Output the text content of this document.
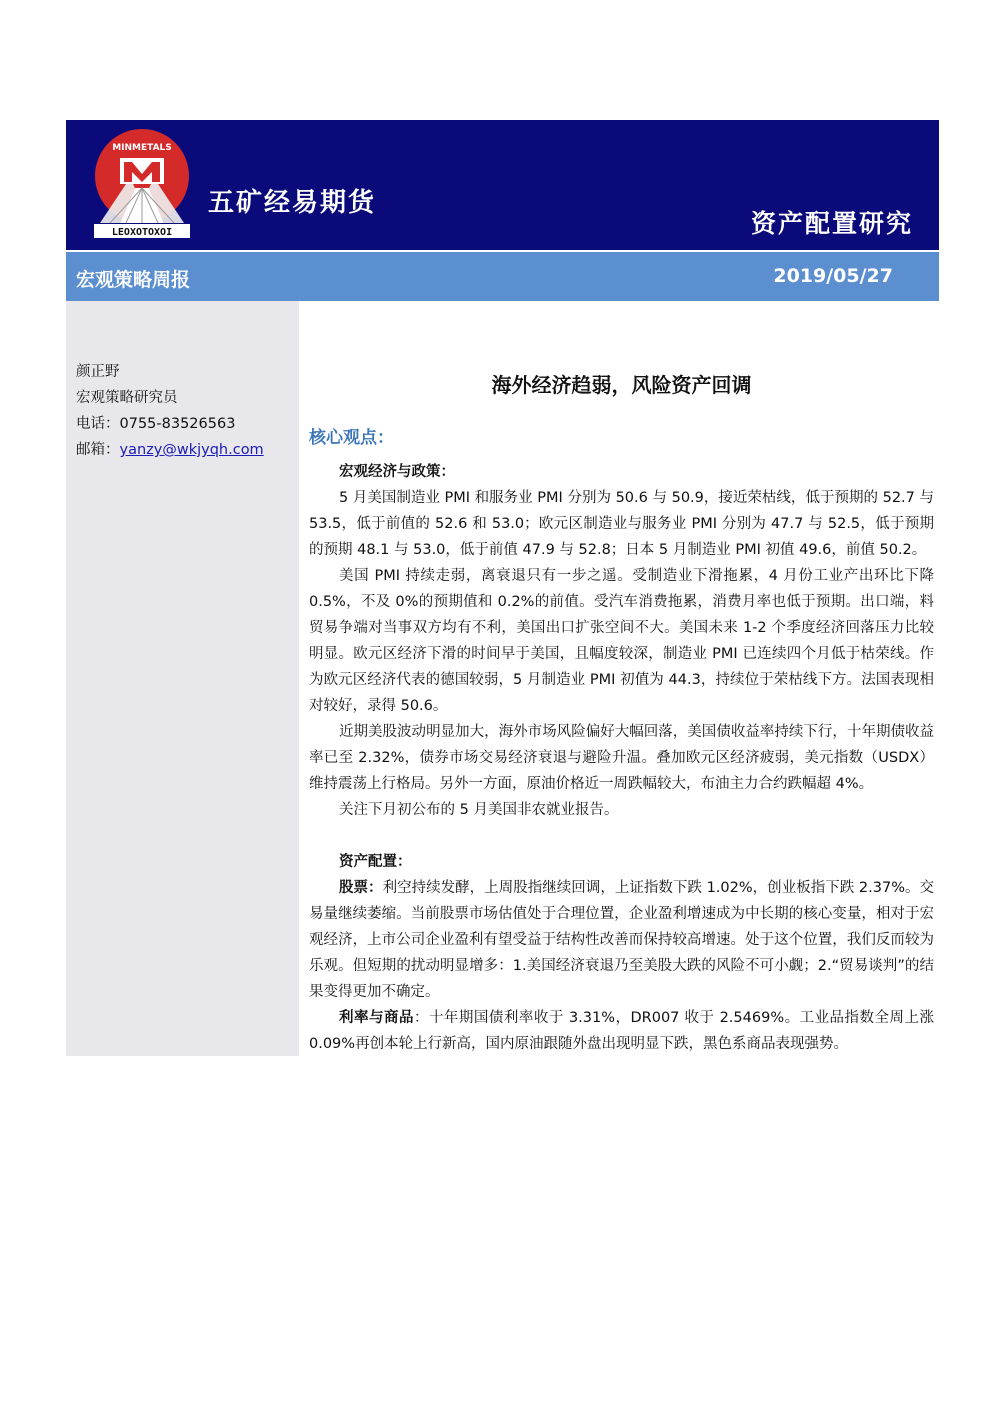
MINMETALS
LEOXOTOXOI
五矿经易期货
资产配置研究
宏观策略周报	2019/05/27
颜正野
宏观策略研究员
电话：0755-83526563
邮箱：yanzy@wkjyqh.com
海外经济趋弱，风险资产回调
核心观点：

宏观经济与政策：

5 月美国制造业 PMI 和服务业 PMI 分别为 50.6 与 50.9，接近荣枯线，低于预期的 52.7 与 53.5，低于前值的 52.6 和 53.0；欧元区制造业与服务业 PMI 分别为 47.7 与 52.5，低于预期的预期 48.1 与 53.0，低于前值 47.9 与 52.8；日本 5 月制造业 PMI 初值 49.6，前值 50.2。

美国 PMI 持续走弱，离衰退只有一步之遥。受制造业下滑拖累，4 月份工业产出环比下降 0.5%，不及 0%的预期值和 0.2%的前值。受汽车消费拖累，消费月率也低于预期。出口端，料贸易争端对当事双方均有不利，美国出口扩张空间不大。美国未来 1-2 个季度经济回落压力比较明显。欧元区经济下滑的时间早于美国，且幅度较深，制造业 PMI 已连续四个月低于枯荣线。作为欧元区经济代表的德国较弱，5 月制造业 PMI 初值为 44.3，持续位于荣枯线下方。法国表现相对较好，录得 50.6。

近期美股波动明显加大，海外市场风险偏好大幅回落，美国债收益率持续下行，十年期债收益率已至 2.32%，债券市场交易经济衰退与避险升温。叠加欧元区经济疲弱，美元指数（USDX）维持震荡上行格局。另外一方面，原油价格近一周跌幅较大，布油主力合约跌幅超 4%。

关注下月初公布的 5 月美国非农就业报告。

资产配置：

股票：利空持续发酵，上周股指继续回调，上证指数下跌 1.02%，创业板指下跌 2.37%。交易量继续萎缩。当前股票市场估值处于合理位置，企业盈利增速成为中长期的核心变量，相对于宏观经济，上市公司企业盈利有望受益于结构性改善而保持较高增速。处于这个位置，我们反而较为乐观。但短期的扰动明显增多：1.美国经济衰退乃至美股大跌的风险不可小觑；2.“贸易谈判”的结果变得更加不确定。

利率与商品：十年期国债利率收于 3.31%，DR007 收于 2.5469%。工业品指数全周上涨 0.09%再创本轮上行新高，国内原油跟随外盘出现明显下跌，黑色系商品表现强势。
